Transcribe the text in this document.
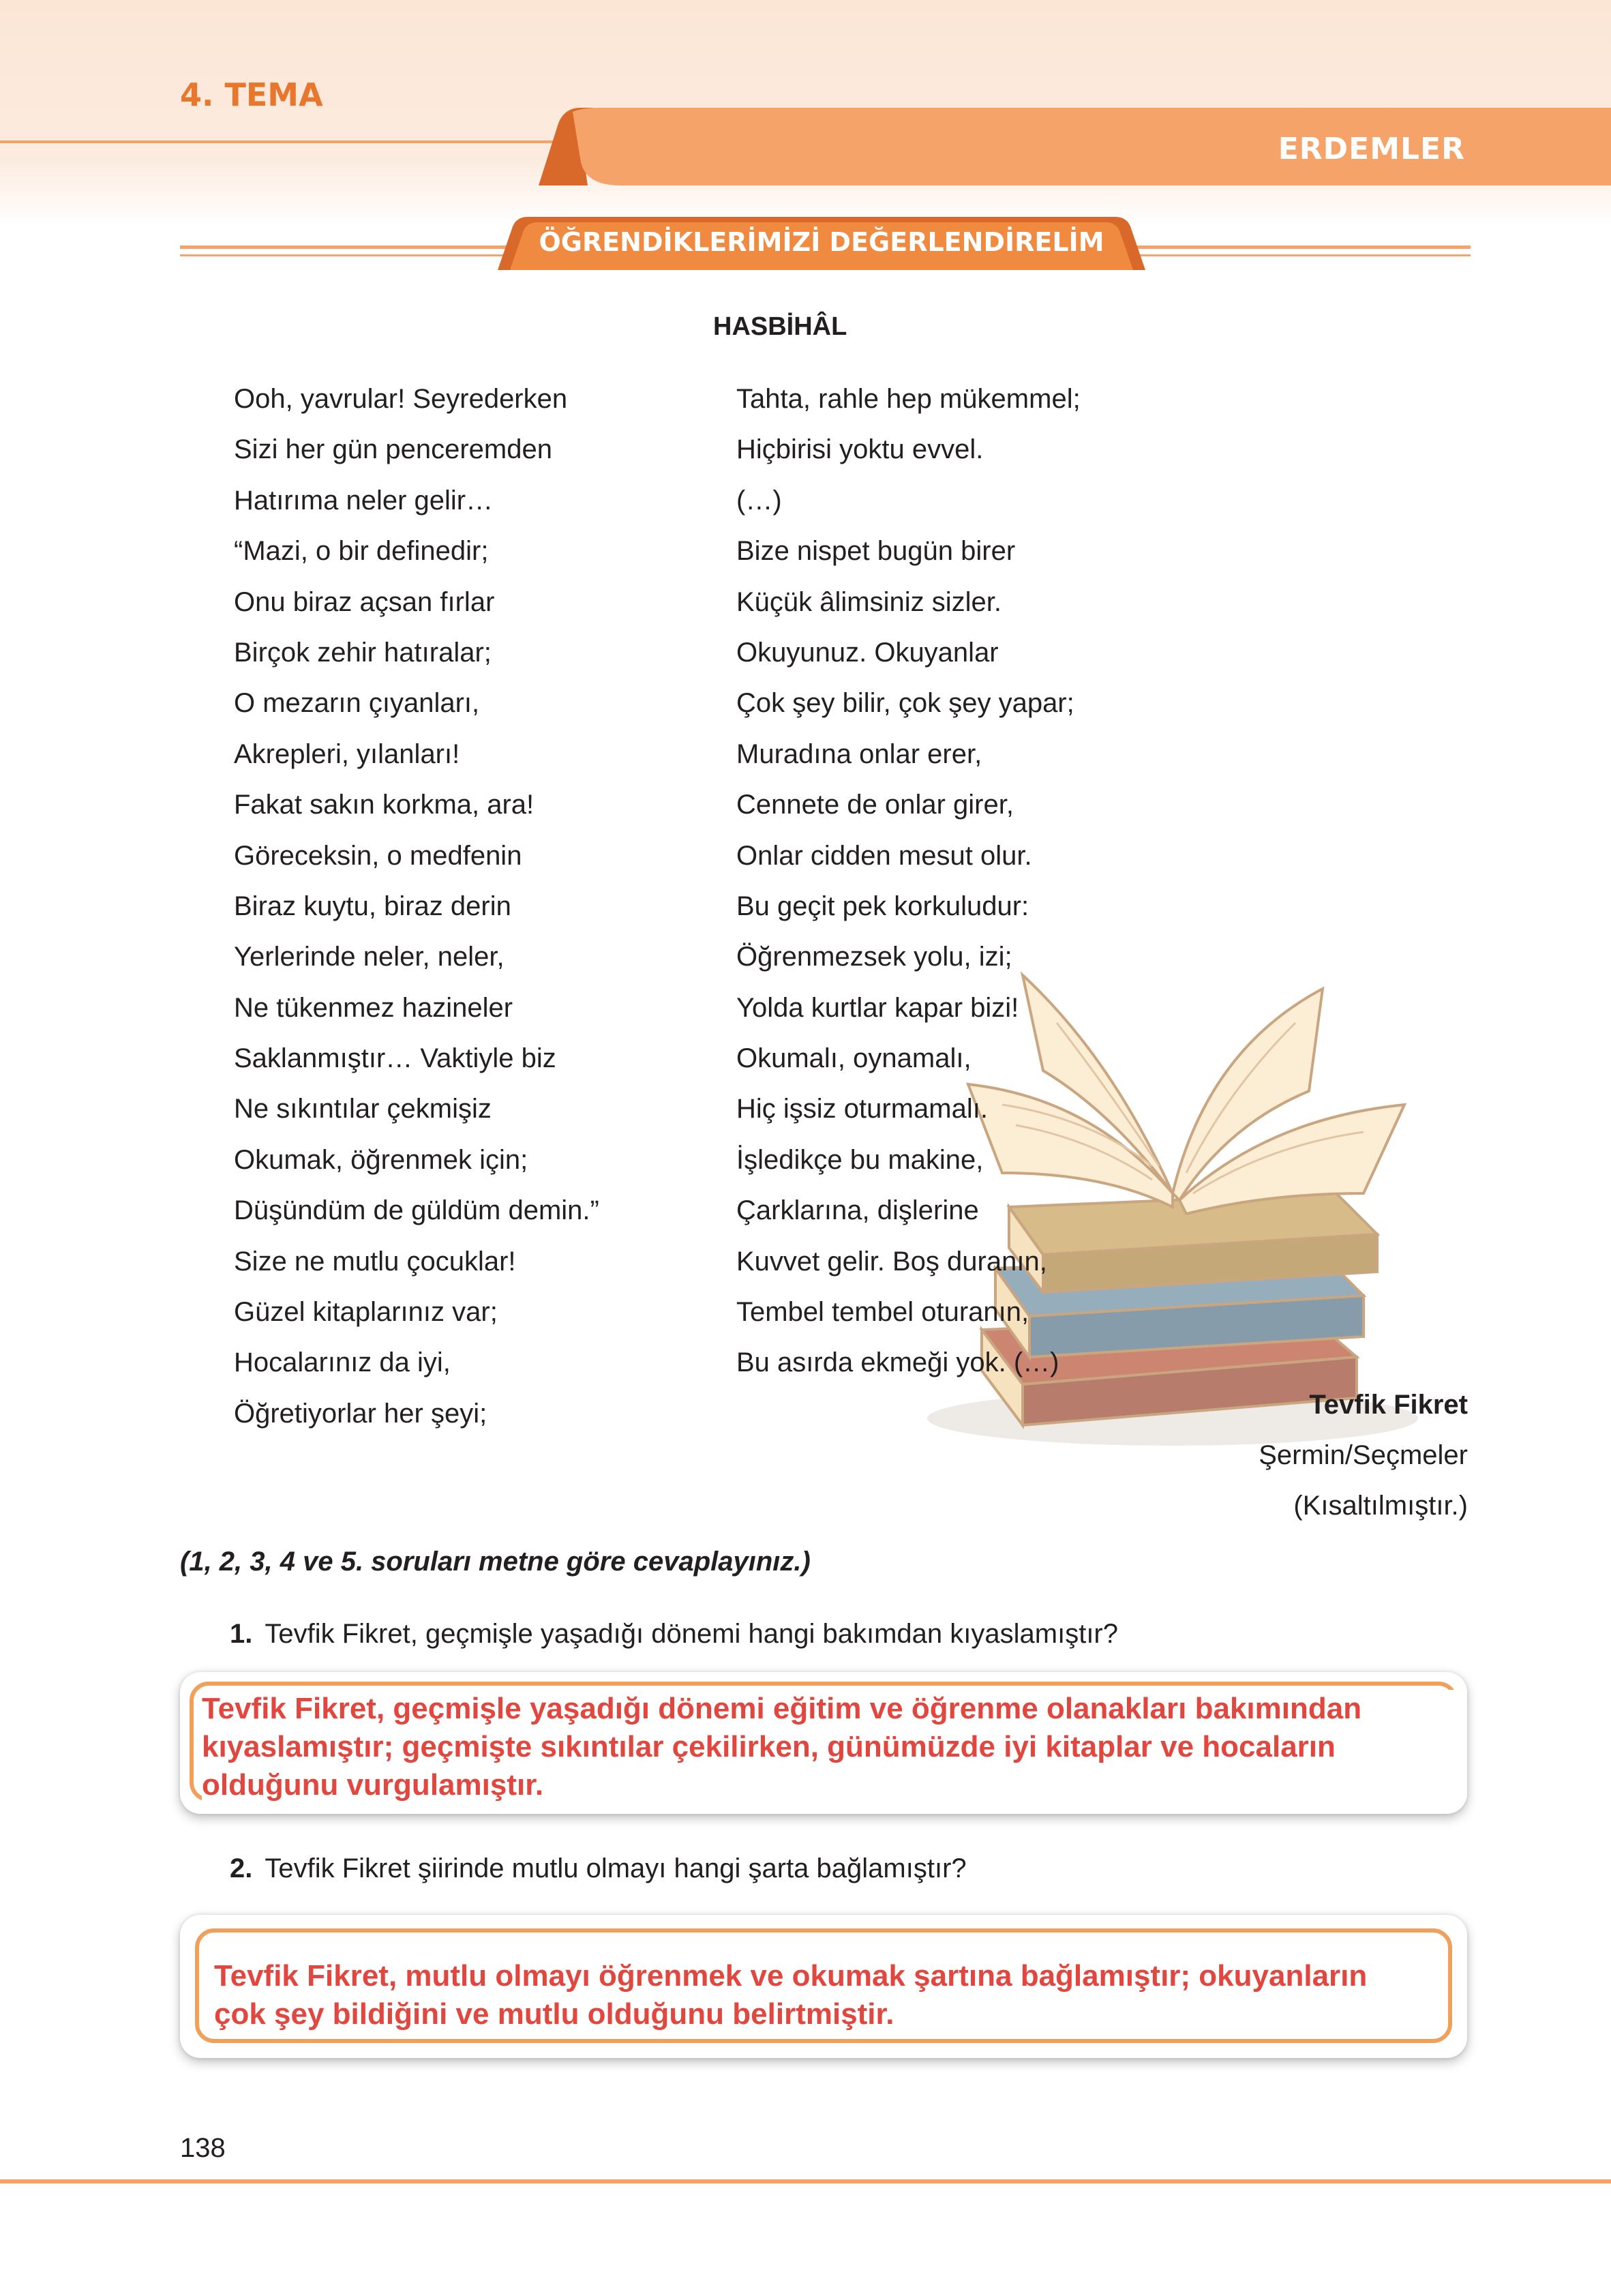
4. TEMA
ERDEMLER
ÖĞRENDİKLERİMİZİ DEĞERLENDİRELİM
HASBİHÂL
Ooh, yavrular! Seyrederken
Sizi her gün penceremden
Hatırıma neler gelir…
“Mazi, o bir definedir;
Onu biraz açsan fırlar
Birçok zehir hatıralar;
O mezarın çıyanları,
Akrepleri, yılanları!
Fakat sakın korkma, ara!
Göreceksin, o medfenin
Biraz kuytu, biraz derin
Yerlerinde neler, neler,
Ne tükenmez hazineler
Saklanmıştır… Vaktiyle biz
Ne sıkıntılar çekmişiz
Okumak, öğrenmek için;
Düşündüm de güldüm demin.”
Size ne mutlu çocuklar!
Güzel kitaplarınız var;
Hocalarınız da iyi,
Öğretiyorlar her şeyi;
Tahta, rahle hep mükemmel;
Hiçbirisi yoktu evvel.
(…)
Bize nispet bugün birer
Küçük âlimsiniz sizler.
Okuyunuz. Okuyanlar
Çok şey bilir, çok şey yapar;
Muradına onlar erer,
Cennete de onlar girer,
Onlar cidden mesut olur.
Bu geçit pek korkuludur:
Öğrenmezsek yolu, izi;
Yolda kurtlar kapar bizi!
Okumalı, oynamalı,
Hiç işsiz oturmamalı.
İşledikçe bu makine,
Çarklarına, dişlerine
Kuvvet gelir. Boş duranın,
Tembel tembel oturanın,
Bu asırda ekmeği yok. (…)
Tevfik Fikret
Şermin/Seçmeler
(Kısaltılmıştır.)
(1, 2, 3, 4 ve 5. soruları metne göre cevaplayınız.)
1. Tevfik Fikret, geçmişle yaşadığı dönemi hangi bakımdan kıyaslamıştır?
Tevfik Fikret, geçmişle yaşadığı dönemi eğitim ve öğrenme olanakları bakımından
kıyaslamıştır; geçmişte sıkıntılar çekilirken, günümüzde iyi kitaplar ve hocaların
olduğunu vurgulamıştır.
2. Tevfik Fikret şiirinde mutlu olmayı hangi şarta bağlamıştır?
Tevfik Fikret, mutlu olmayı öğrenmek ve okumak şartına bağlamıştır; okuyanların
çok şey bildiğini ve mutlu olduğunu belirtmiştir.
138
